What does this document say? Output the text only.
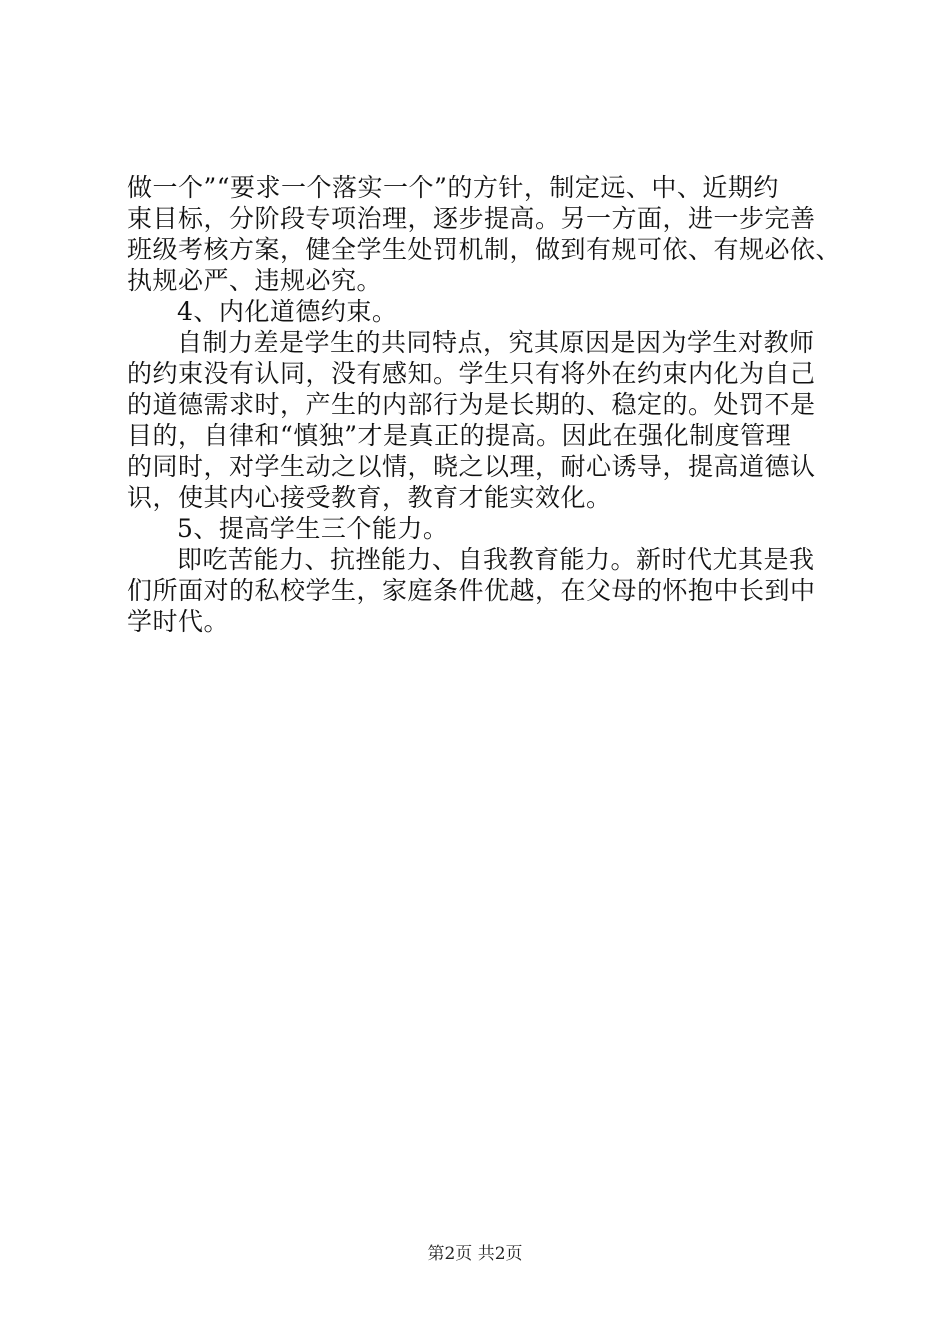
做一个”“要求一个落实一个”的方针，制定远、中、近期约
束目标，分阶段专项治理，逐步提高。另一方面，进一步完善
班级考核方案，健全学生处罚机制，做到有规可依、有规必依、
执规必严、违规必究。
4、内化道德约束。
自制力差是学生的共同特点，究其原因是因为学生对教师
的约束没有认同，没有感知。学生只有将外在约束内化为自己
的道德需求时，产生的内部行为是长期的、稳定的。处罚不是
目的，自律和“慎独”才是真正的提高。因此在强化制度管理
的同时，对学生动之以情，晓之以理，耐心诱导，提高道德认
识，使其内心接受教育，教育才能实效化。
5、提高学生三个能力。
即吃苦能力、抗挫能力、自我教育能力。新时代尤其是我
们所面对的私校学生，家庭条件优越，在父母的怀抱中长到中
学时代。
第2页 共2页
